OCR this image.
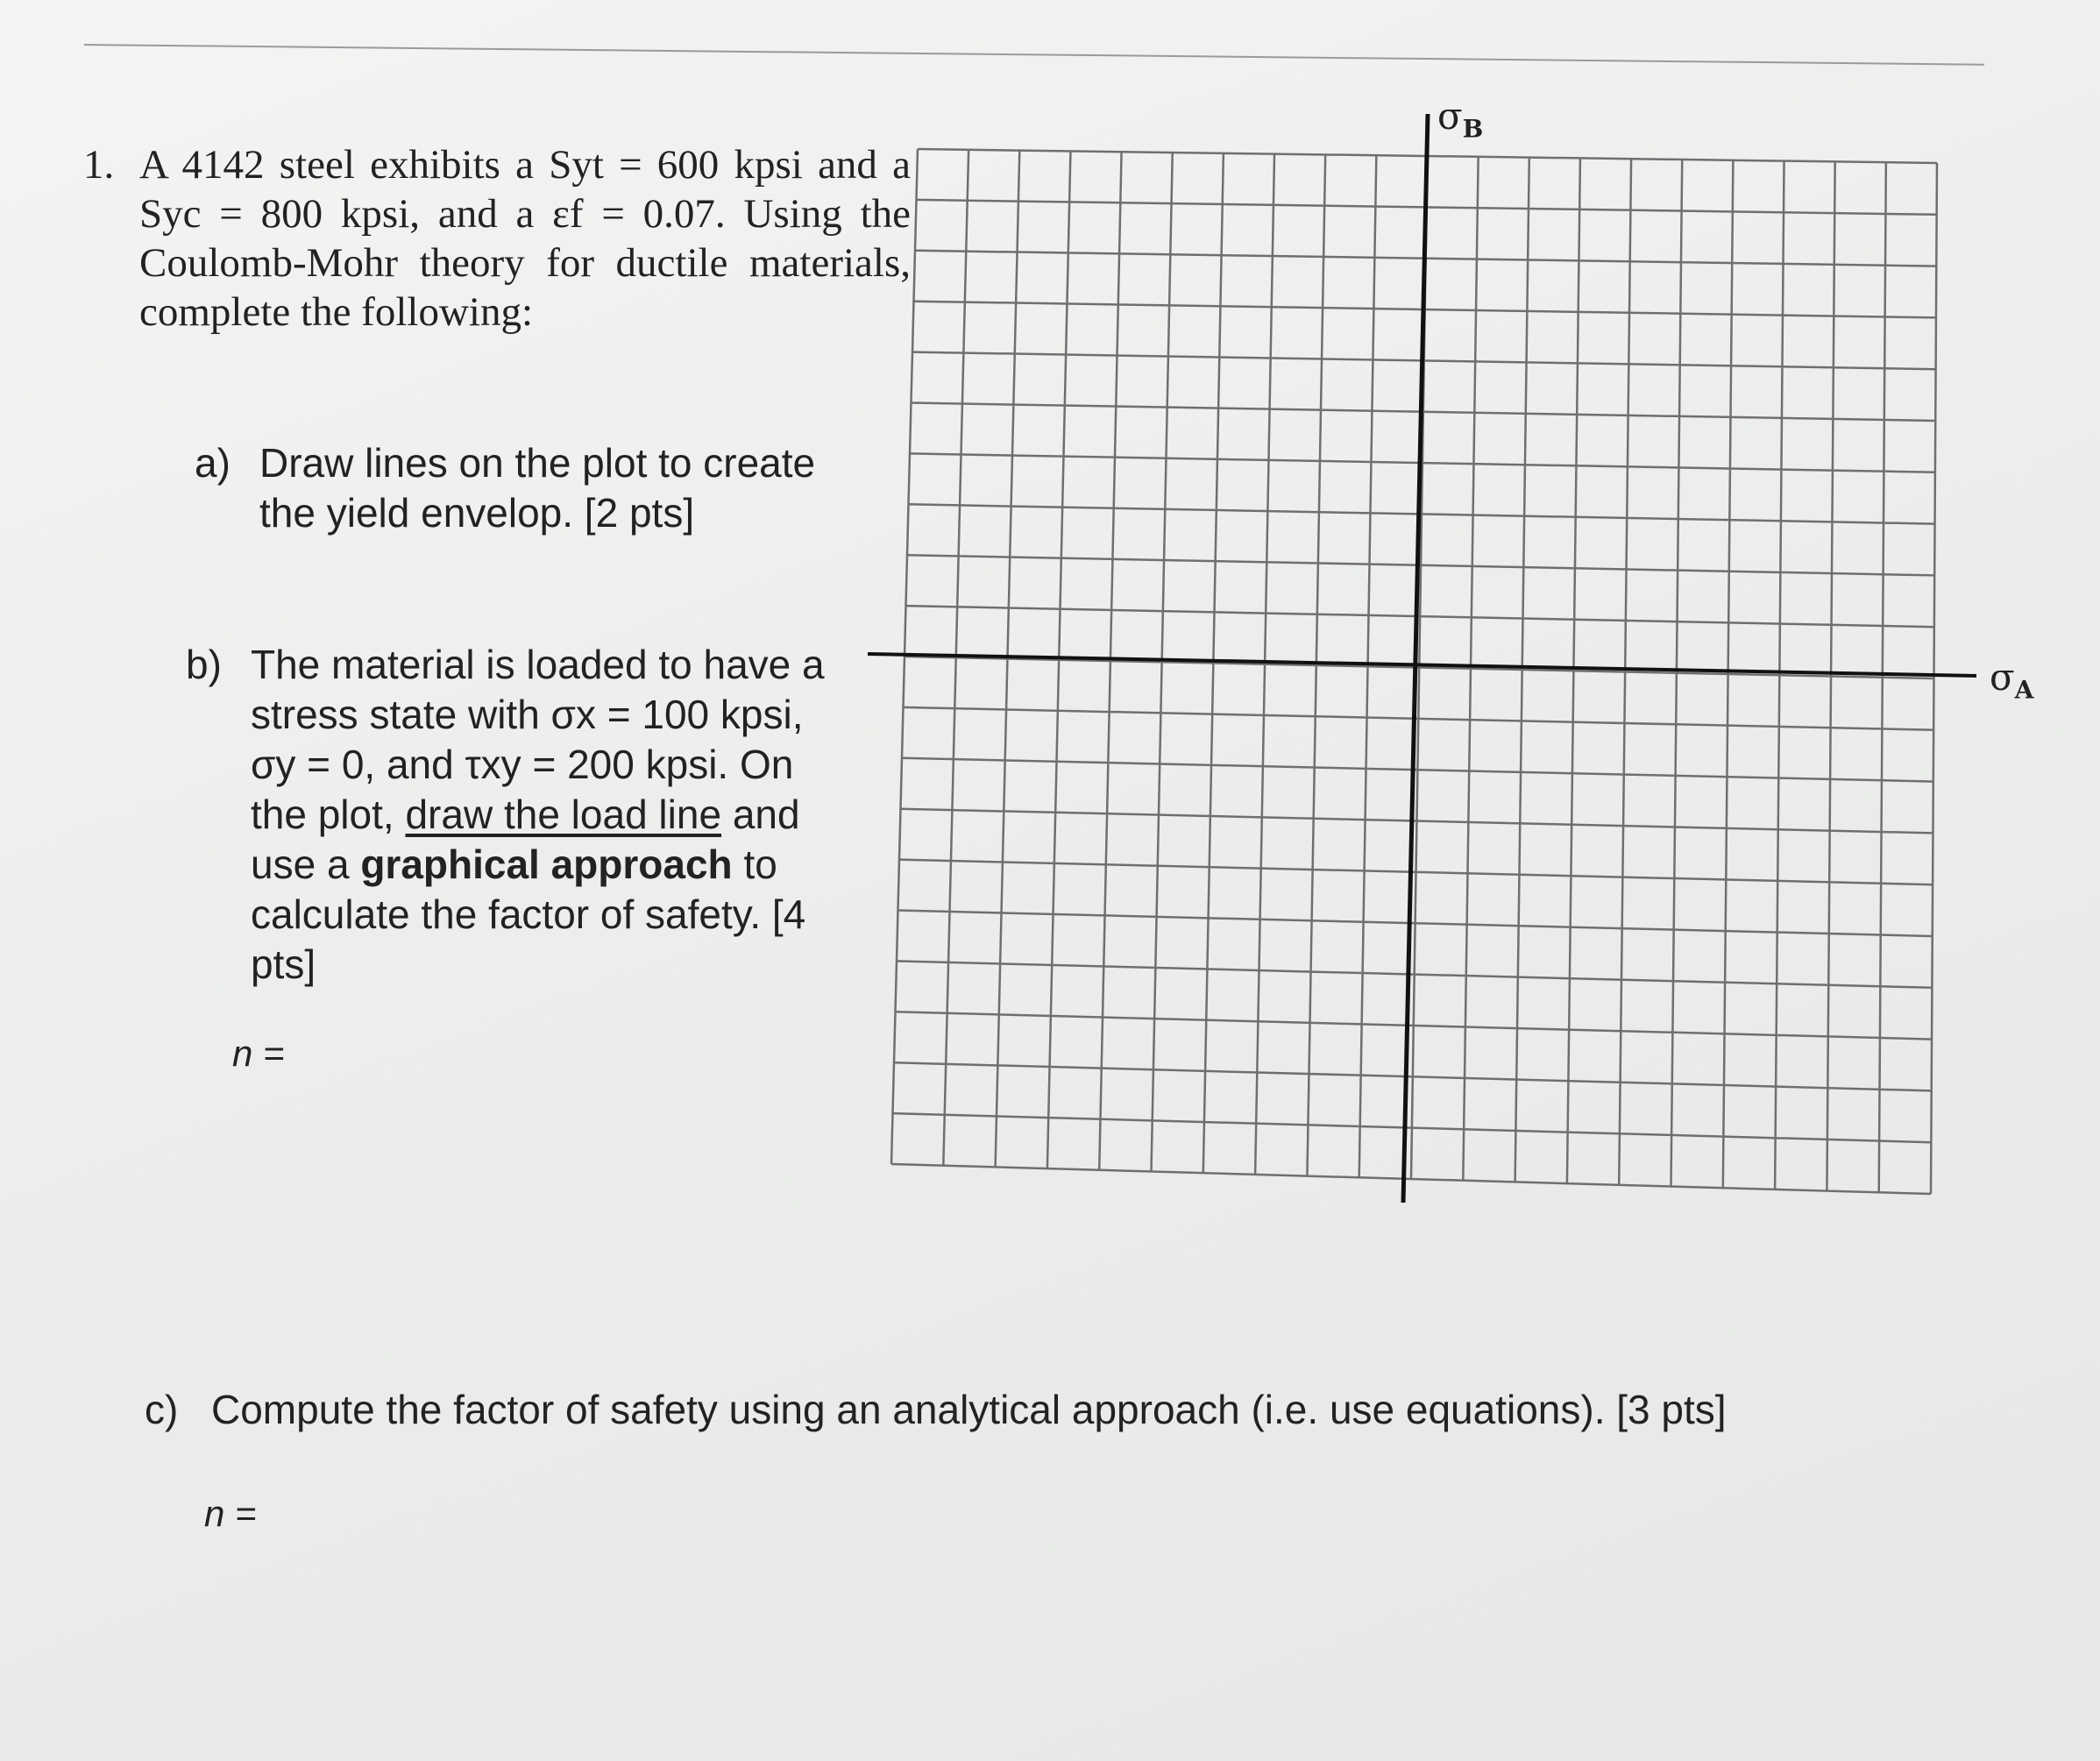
1. A 4142 steel exhibits a Syt = 600 kpsi and a Syc = 800 kpsi, and a εf = 0.07. Using the Coulomb-Mohr theory for ductile materials, complete the following:
a) Draw lines on the plot to create the yield envelop. [2 pts]
b) The material is loaded to have a stress state with σx = 100 kpsi, σy = 0, and τxy = 200 kpsi. On the plot, draw the load line and use a graphical approach to calculate the factor of safety. [4 pts]
n =
c) Compute the factor of safety using an analytical approach (i.e. use equations). [3 pts]
n =
$\sigma_B$
$\sigma_A$
